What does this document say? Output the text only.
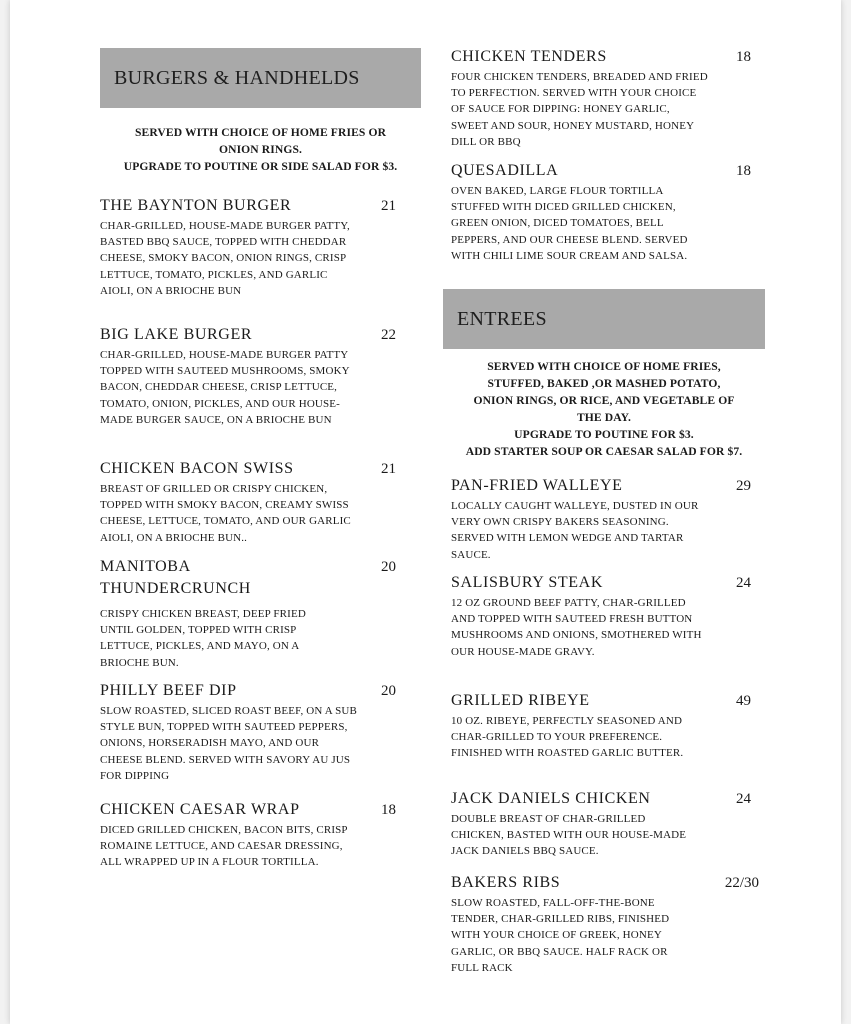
BURGERS & HANDHELDS
SERVED WITH CHOICE OF HOME FRIES OR
ONION RINGS.
UPGRADE TO POUTINE OR SIDE SALAD FOR $3.
THE BAYNTON BURGER	21
CHAR-GRILLED, HOUSE-MADE BURGER PATTY, BASTED BBQ SAUCE, TOPPED WITH CHEDDAR CHEESE, SMOKY BACON, ONION RINGS, CRISP LETTUCE, TOMATO, PICKLES, AND GARLIC AIOLI, ON A BRIOCHE BUN
BIG LAKE BURGER	22
CHAR-GRILLED, HOUSE-MADE BURGER PATTY TOPPED WITH SAUTEED MUSHROOMS, SMOKY BACON, CHEDDAR CHEESE, CRISP LETTUCE, TOMATO, ONION, PICKLES, AND OUR HOUSE-MADE BURGER SAUCE, ON A BRIOCHE BUN
CHICKEN BACON SWISS	21
BREAST OF GRILLED OR CRISPY CHICKEN, TOPPED WITH SMOKY BACON, CREAMY SWISS CHEESE, LETTUCE, TOMATO, AND OUR GARLIC AIOLI, ON A BRIOCHE BUN..
MANITOBA THUNDERCRUNCH
20
CRISPY CHICKEN BREAST, DEEP FRIED UNTIL GOLDEN, TOPPED WITH CRISP LETTUCE, PICKLES, AND MAYO, ON A BRIOCHE BUN.
PHILLY BEEF DIP	20
SLOW ROASTED, SLICED ROAST BEEF, ON A SUB STYLE BUN, TOPPED WITH SAUTEED PEPPERS, ONIONS, HORSERADISH MAYO, AND OUR CHEESE BLEND. SERVED WITH SAVORY AU JUS FOR DIPPING
CHICKEN CAESAR WRAP	18
DICED GRILLED CHICKEN, BACON BITS, CRISP ROMAINE LETTUCE, AND CAESAR DRESSING, ALL WRAPPED UP IN A FLOUR TORTILLA.
CHICKEN TENDERS	18
FOUR CHICKEN TENDERS, BREADED AND FRIED TO PERFECTION. SERVED WITH YOUR CHOICE OF SAUCE FOR DIPPING: HONEY GARLIC, SWEET AND SOUR, HONEY MUSTARD, HONEY DILL OR BBQ
QUESADILLA	18
OVEN BAKED, LARGE FLOUR TORTILLA STUFFED WITH DICED GRILLED CHICKEN, GREEN ONION, DICED TOMATOES, BELL PEPPERS, AND OUR CHEESE BLEND. SERVED WITH CHILI LIME SOUR CREAM AND SALSA.
ENTREES
SERVED WITH CHOICE OF HOME FRIES,
STUFFED, BAKED ,OR MASHED POTATO,
ONION RINGS, OR RICE, AND VEGETABLE OF
THE DAY.
UPGRADE TO POUTINE FOR $3.
ADD STARTER SOUP OR CAESAR SALAD FOR $7.
PAN-FRIED WALLEYE	29
LOCALLY CAUGHT WALLEYE, DUSTED IN OUR VERY OWN CRISPY BAKERS SEASONING. SERVED WITH LEMON WEDGE AND TARTAR SAUCE.
SALISBURY STEAK	24
12 OZ GROUND BEEF PATTY, CHAR-GRILLED AND TOPPED WITH SAUTEED FRESH BUTTON MUSHROOMS AND ONIONS, SMOTHERED WITH OUR HOUSE-MADE GRAVY.
GRILLED RIBEYE	49
10 OZ. RIBEYE, PERFECTLY SEASONED AND CHAR-GRILLED TO YOUR PREFERENCE. FINISHED WITH ROASTED GARLIC BUTTER.
JACK DANIELS CHICKEN	24
DOUBLE BREAST OF CHAR-GRILLED CHICKEN, BASTED WITH OUR HOUSE-MADE JACK DANIELS BBQ SAUCE.
BAKERS RIBS	22/30
SLOW ROASTED, FALL-OFF-THE-BONE TENDER, CHAR-GRILLED RIBS, FINISHED WITH YOUR CHOICE OF GREEK, HONEY GARLIC, OR BBQ SAUCE. HALF RACK OR FULL RACK
